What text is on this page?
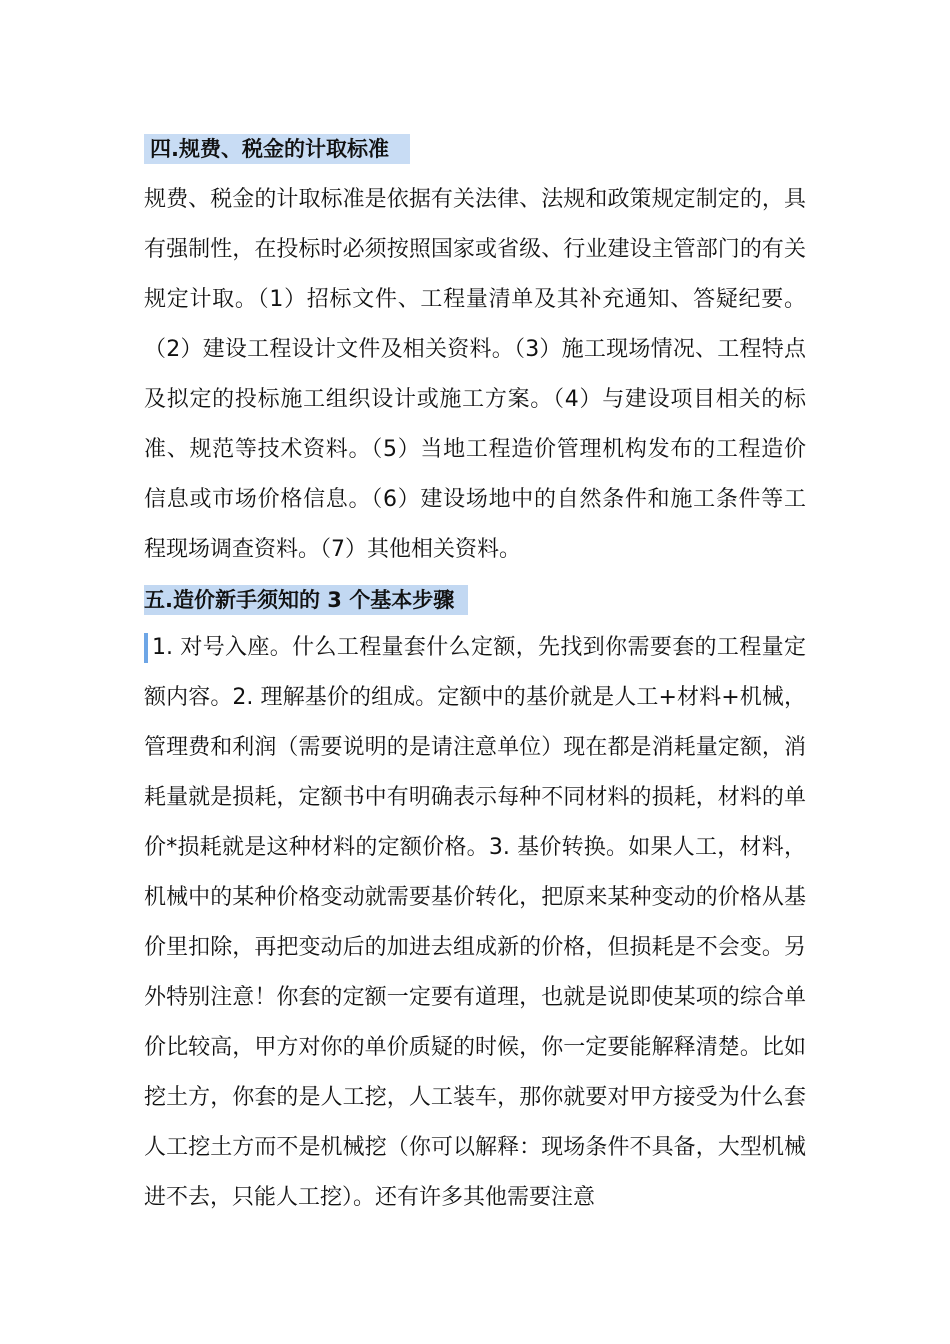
四.规费、税金的计取标准

规费、税金的计取标准是依据有关法律、法规和政策规定制定的，具有强制性，在投标时必须按照国家或省级、行业建设主管部门的有关规定计取。（1）招标文件、工程量清单及其补充通知、答疑纪要。（2）建设工程设计文件及相关资料。（3）施工现场情况、工程特点及拟定的投标施工组织设计或施工方案。（4）与建设项目相关的标准、规范等技术资料。（5）当地工程造价管理机构发布的工程造价信息或市场价格信息。（6）建设场地中的自然条件和施工条件等工程现场调查资料。（7）其他相关资料。

五.造价新手须知的 3 个基本步骤

1. 对号入座。什么工程量套什么定额，先找到你需要套的工程量定额内容。2. 理解基价的组成。定额中的基价就是人工+材料+机械，管理费和利润（需要说明的是请注意单位）现在都是消耗量定额，消耗量就是损耗，定额书中有明确表示每种不同材料的损耗，材料的单价*损耗就是这种材料的定额价格。3. 基价转换。如果人工，材料，机械中的某种价格变动就需要基价转化，把原来某种变动的价格从基价里扣除，再把变动后的加进去组成新的价格，但损耗是不会变。另外特别注意！你套的定额一定要有道理，也就是说即使某项的综合单价比较高，甲方对你的单价质疑的时候，你一定要能解释清楚。比如挖土方，你套的是人工挖，人工装车，那你就要对甲方接受为什么套人工挖土方而不是机械挖（你可以解释：现场条件不具备，大型机械进不去，只能人工挖）。还有许多其他需要注意
